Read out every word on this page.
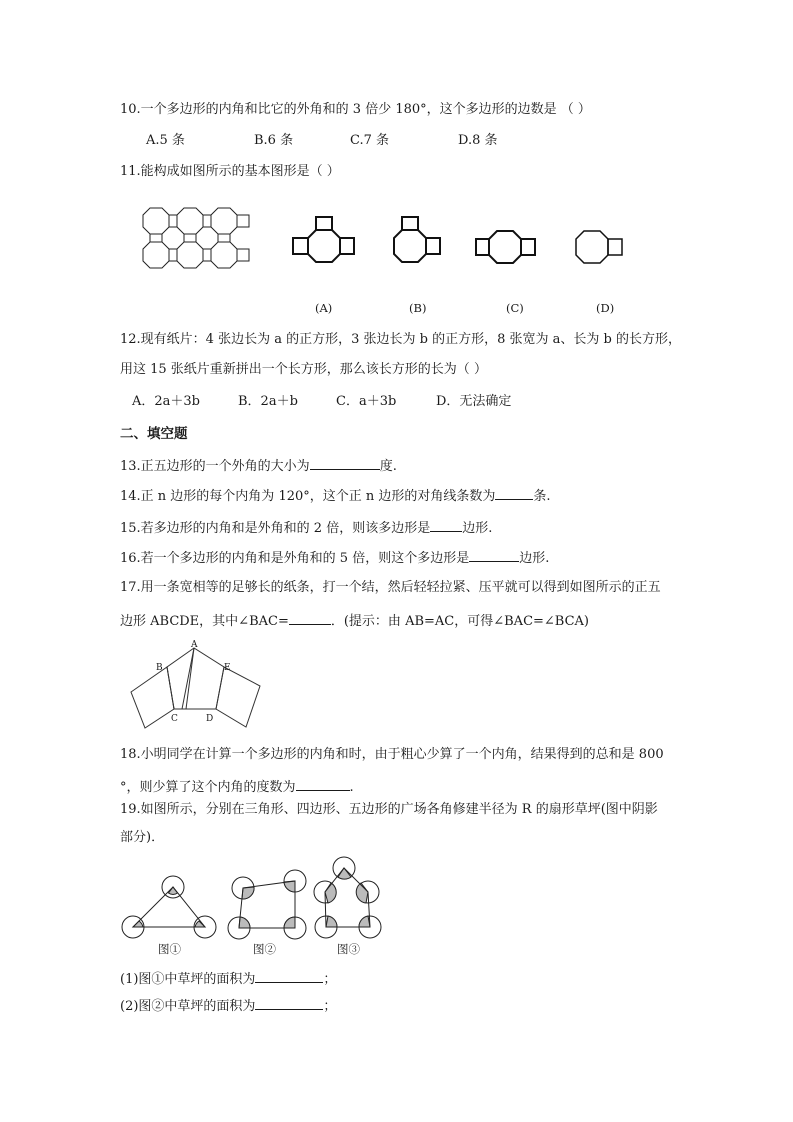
10.一个多边形的内角和比它的外角和的 3 倍少 180°，这个多边形的边数是 （ ）
A.5 条	B.6 条	C.7 条	D.8 条
11.能构成如图所示的基本图形是（ ）
(A)	(B)	(C)	(D)
12.现有纸片：4 张边长为 a 的正方形，3 张边长为 b 的正方形，8 张宽为 a、长为 b 的长方形，
用这 15 张纸片重新拼出一个长方形，那么该长方形的长为（ ）
A．2a＋3b	B．2a＋b	C．a＋3b	D．无法确定
二、填空题
13.正五边形的一个外角的大小为	度.
14.正 n 边形的每个内角为 120°，这个正 n 边形的对角线条数为	条.
15.若多边形的内角和是外角和的 2 倍，则该多边形是 边形.
16.若一个多边形的内角和是外角和的 5 倍，则这个多边形是	边形.
17.用一条宽相等的足够长的纸条，打一个结，然后轻轻拉紧、压平就可以得到如图所示的正五
边形 ABCDE，其中∠BAC=	．(提示：由 AB=AC，可得∠BAC=∠BCA)
A
B
C	D
E
18.小明同学在计算一个多边形的内角和时，由于粗心少算了一个内角，结果得到的总和是 800
°，则少算了这个内角的度数为	.
19.如图所示，分别在三角形、四边形、五边形的广场各角修建半径为 R 的扇形草坪(图中阴影
部分)．
图①	图②	图③
(1)图①中草坪的面积为	；
(2)图②中草坪的面积为	；
